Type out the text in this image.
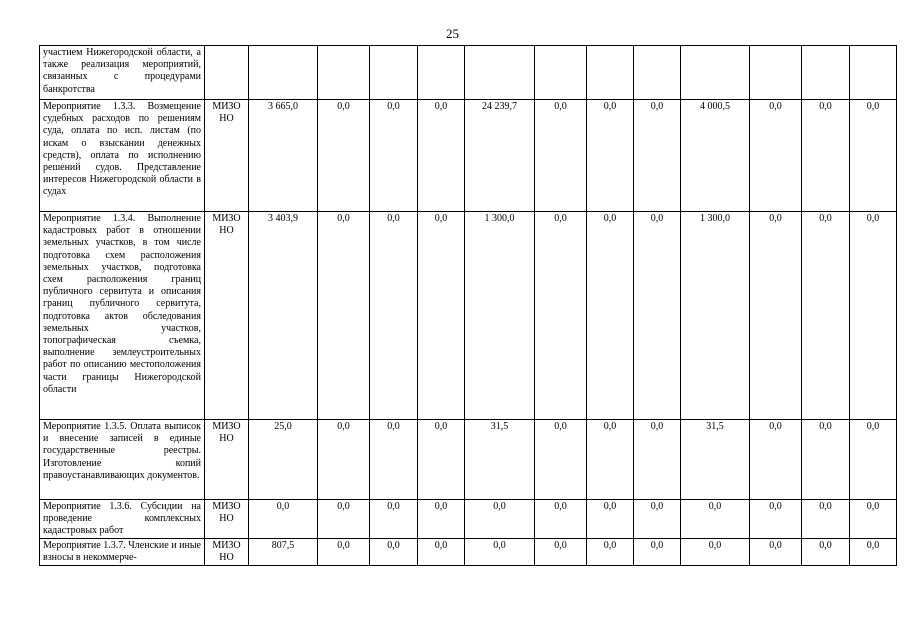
25
участием Нижегородской области, а также реализация мероприятий, связанных с процедурами банкротства													
Мероприятие 1.3.3. Возмещение судебных расходов по решениям суда, оплата по исп. листам (по искам о взыскании денежных средств), оплата по исполнению решений судов. Представление интересов Нижегородской области в судах	МИЗО НО	3 665,0	0,0	0,0	0,0	24 239,7	0,0	0,0	0,0	4 000,5	0,0	0,0	0,0
Мероприятие 1.3.4. Выполнение кадастровых работ в отношении земельных участков, в том числе подготовка схем расположения земельных участков, подготовка схем расположения границ публичного сервитута и описания границ публичного сервитута, подготовка актов обследования земельных участков, топографическая съемка, выполнение землеустроительных работ по описанию местоположения части границы Нижегородской области	МИЗО НО	3 403,9	0,0	0,0	0,0	1 300,0	0,0	0,0	0,0	1 300,0	0,0	0,0	0,0
Мероприятие 1.3.5. Оплата выписок и внесение записей в единые государственные реестры. Изготовление копий правоустанавливающих документов.	МИЗО НО	25,0	0,0	0,0	0,0	31,5	0,0	0,0	0,0	31,5	0,0	0,0	0,0
Мероприятие 1.3.6. Субсидии на проведение комплексных кадастровых работ	МИЗО НО	0,0	0,0	0,0	0,0	0,0	0,0	0,0	0,0	0,0	0,0	0,0	0,0
Мероприятие 1.3.7. Членские и иные взносы в некоммерче-	МИЗО НО	807,5	0,0	0,0	0,0	0,0	0,0	0,0	0,0	0,0	0,0	0,0	0,0
